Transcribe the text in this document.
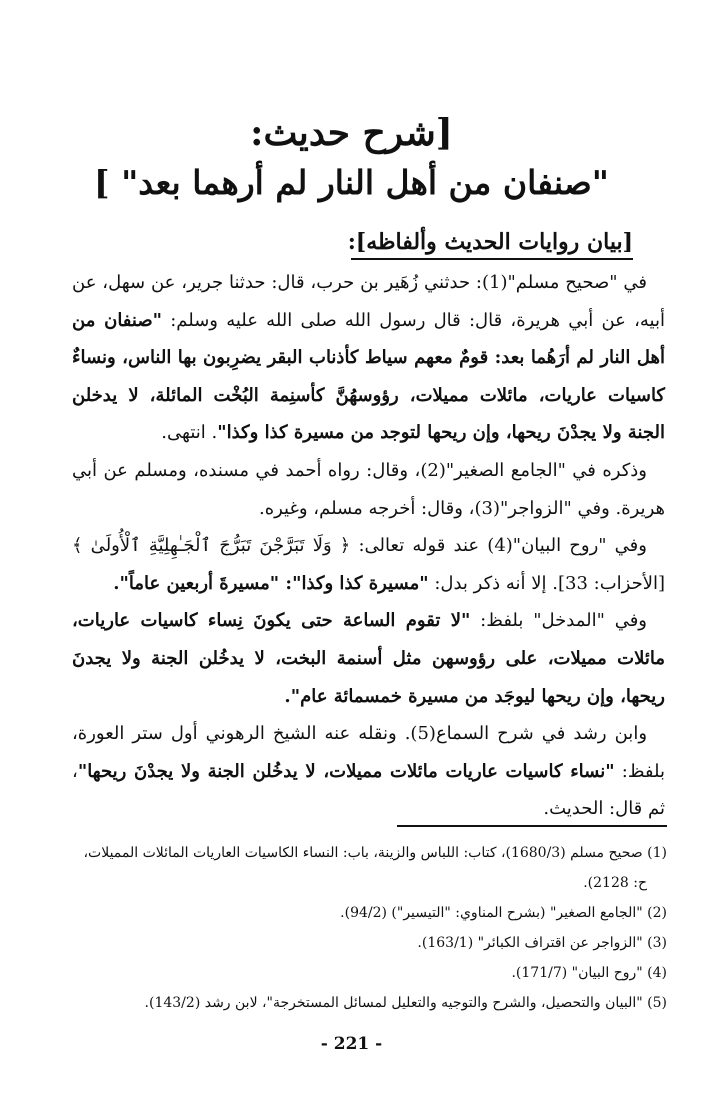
[شرح حديث:
"صنفان من أهل النار لم أرهما بعد" ]
[بيان روايات الحديث وألفاظه]:

في "صحيح مسلم"(1): حدثني زُهَير بن حرب، قال: حدثنا جرير، عن سهل، عن أبيه، عن أبي هريرة، قال: قال رسول الله صلى الله عليه وسلم: "صنفان من أهل النار لم أرَهُما بعد: قومٌ معهم سياط كأذناب البقر يضرِبون بها الناس، ونساءٌ كاسيات عاريات، مائلات مميلات، رؤوسهُنَّ كأسنِمة البُخْت المائلة، لا يدخلن الجنة ولا يجدْنَ ريحها، وإن ريحها لتوجد من مسيرة كذا وكذا". انتهى.

وذكره في "الجامع الصغير"(2)، وقال: رواه أحمد في مسنده، ومسلم عن أبي هريرة. وفي "الزواجر"(3)، وقال: أخرجه مسلم، وغيره.

وفي "روح البيان"(4) عند قوله تعالى: ﴿ وَلَا تَبَرَّجْنَ تَبَرُّجَ ٱلْجَـٰهِلِيَّةِ ٱلْأُولَىٰ ﴾ [الأحزاب: 33]. إلا أنه ذكر بدل: "مسيرة كذا وكذا": "مسيرةَ أربعين عاماً".

وفي "المدخل" بلفظ: "لا تقوم الساعة حتى يكونَ نِساء كاسيات عاريات، مائلات مميلات، على رؤوسهن مثل أسنمة البخت، لا يدخُلن الجنة ولا يجدنَ ريحها، وإن ريحها ليوجَد من مسيرة خمسمائة عام".

وابن رشد في شرح السماع(5). ونقله عنه الشيخ الرهوني أول ستر العورة، بلفظ: "نساء كاسيات عاريات مائلات مميلات، لا يدخُلن الجنة ولا يجدْنَ ريحها"، ثم قال: الحديث.

(1) صحيح مسلم (1680/3)، كتاب: اللباس والزينة، باب: النساء الكاسيات العاريات المائلات المميلات، ح: 2128).

(2) "الجامع الصغير" (بشرح المناوي: "التيسير") (94/2).

(3) "الزواجر عن اقتراف الكبائر" (163/1).

(4) "روح البيان" (171/7).

(5) "البيان والتحصيل، والشرح والتوجيه والتعليل لمسائل المستخرجة"، لابن رشد (143/2).

- 221 -
